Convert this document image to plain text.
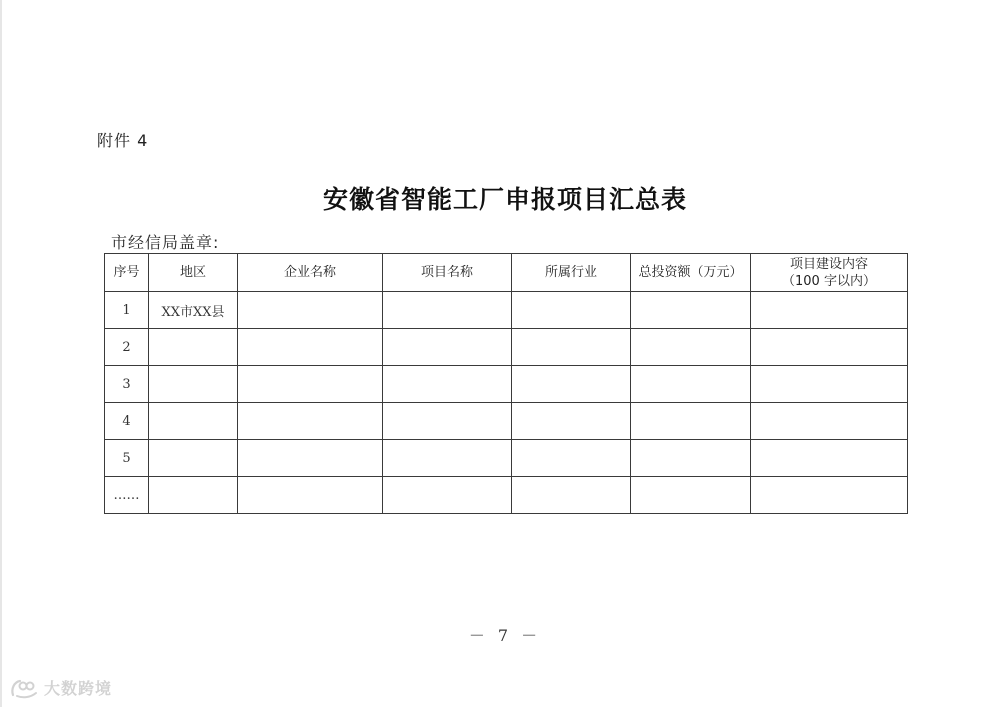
附件 4
安徽省智能工厂申报项目汇总表
市经信局盖章:
序号	地区	企业名称	项目名称	所属行业	总投资额（万元）	项目建设内容
（100 字以内）

1	XX市XX县					
2						
3						
4						
5						
……						
－ 7 －
大数跨境
